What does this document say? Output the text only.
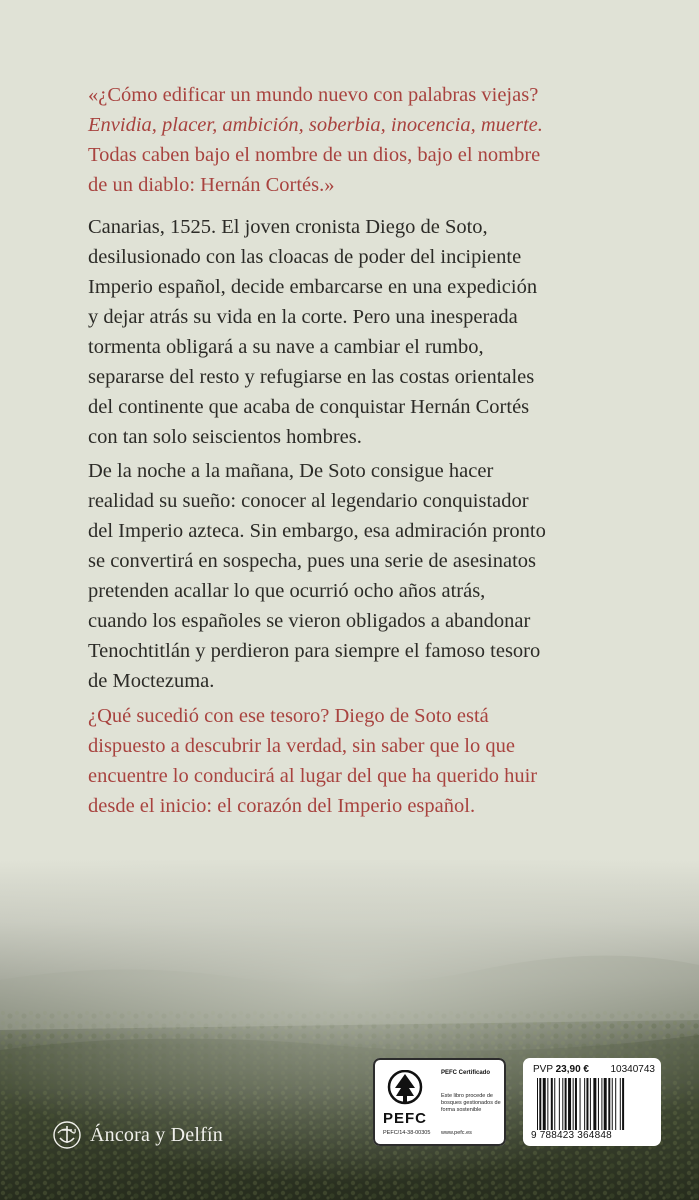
«¿Cómo edificar un mundo nuevo con palabras viejas?
Envidia, placer, ambición, soberbia, inocencia, muerte.
Todas caben bajo el nombre de un dios, bajo el nombre
de un diablo: Hernán Cortés.»

Canarias, 1525. El joven cronista Diego de Soto,
desilusionado con las cloacas de poder del incipiente
Imperio español, decide embarcarse en una expedición
y dejar atrás su vida en la corte. Pero una inesperada
tormenta obligará a su nave a cambiar el rumbo,
separarse del resto y refugiarse en las costas orientales
del continente que acaba de conquistar Hernán Cortés
con tan solo seiscientos hombres.

De la noche a la mañana, De Soto consigue hacer
realidad su sueño: conocer al legendario conquistador
del Imperio azteca. Sin embargo, esa admiración pronto
se convertirá en sospecha, pues una serie de asesinatos
pretenden acallar lo que ocurrió ocho años atrás,
cuando los españoles se vieron obligados a abandonar
Tenochtitlán y perdieron para siempre el famoso tesoro
de Moctezuma.

¿Qué sucedió con ese tesoro? Diego de Soto está
dispuesto a descubrir la verdad, sin saber que lo que
encuentre lo conducirá al lugar del que ha querido huir
desde el inicio: el corazón del Imperio español.

Áncora y Delfín
PEFC
PEFC/14-38-00305
PEFC Certificado
Este libro procede de bosques gestionados de forma sostenible
www.pefc.es
PVP 23,90 € 10340743
9 788423 364848
